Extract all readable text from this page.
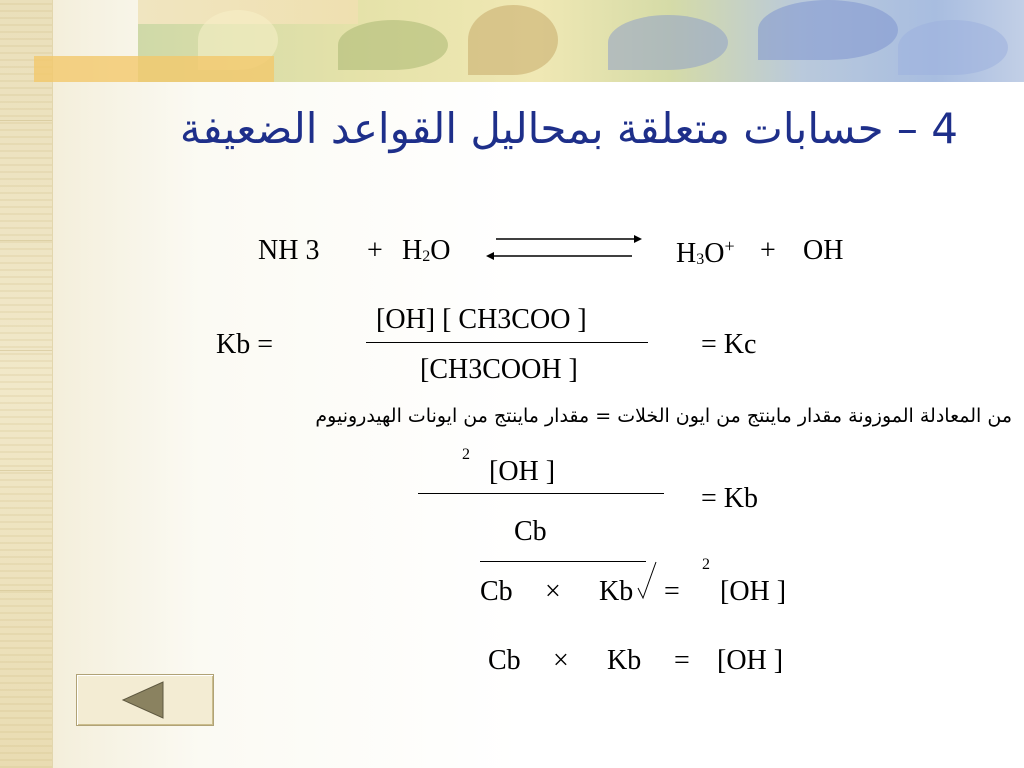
4 – حسابات متعلقة بمحاليل القواعد الضعيفة
NH 3 + H2O	H3O+ + OH
Kb =
[OH] [ CH3COO ]
[CH3COOH ]
= Kc
من المعادلة الموزونة مقدار ماينتج من ايون الخلات = مقدار ماينتج من ايونات الهيدرونيوم
2
[OH ]
Cb
= Kb
Cb × Kb =
2
[OH ]
Cb × Kb = [OH ]
